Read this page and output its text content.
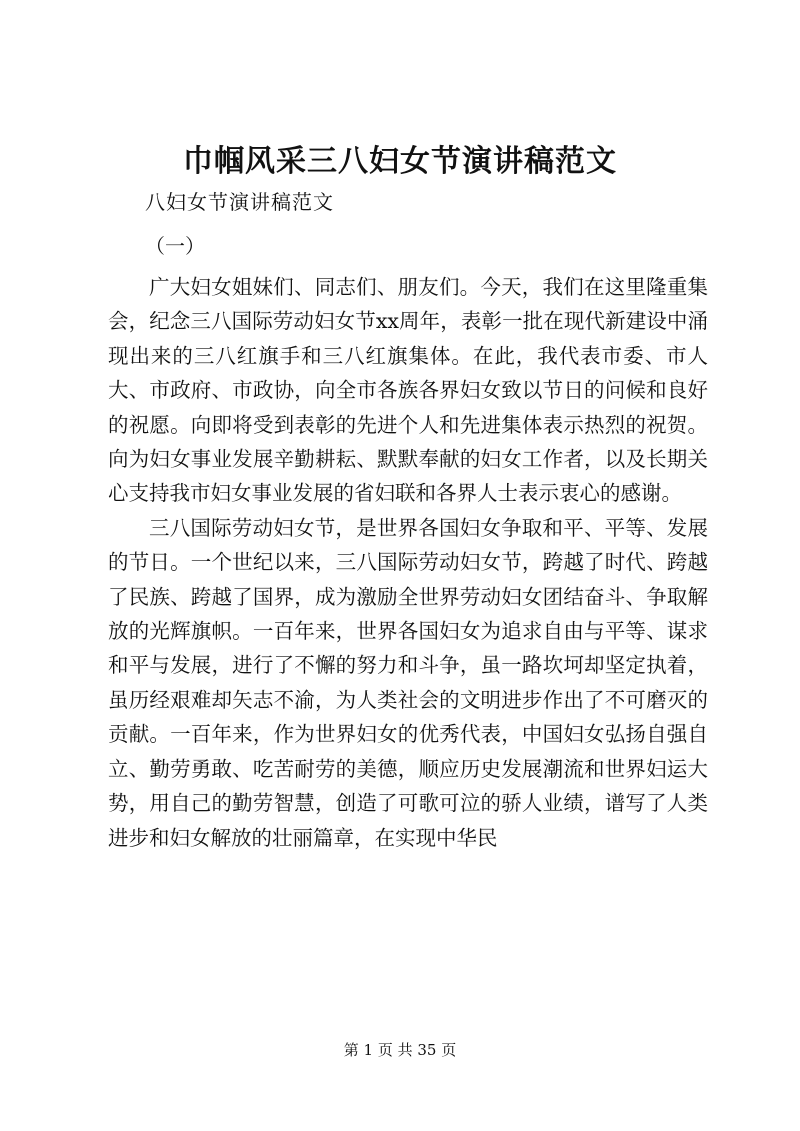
巾帼风采三八妇女节演讲稿范文
八妇女节演讲稿范文
（一）

广大妇女姐妹们、同志们、朋友们。今天，我们在这里隆重集会，纪念三八国际劳动妇女节xx周年，表彰一批在现代新建设中涌现出来的三八红旗手和三八红旗集体。在此，我代表市委、市人大、市政府、市政协，向全市各族各界妇女致以节日的问候和良好的祝愿。向即将受到表彰的先进个人和先进集体表示热烈的祝贺。向为妇女事业发展辛勤耕耘、默默奉献的妇女工作者，以及长期关心支持我市妇女事业发展的省妇联和各界人士表示衷心的感谢。

三八国际劳动妇女节，是世界各国妇女争取和平、平等、发展的节日。一个世纪以来，三八国际劳动妇女节，跨越了时代、跨越了民族、跨越了国界，成为激励全世界劳动妇女团结奋斗、争取解放的光辉旗帜。一百年来，世界各国妇女为追求自由与平等、谋求和平与发展，进行了不懈的努力和斗争，虽一路坎坷却坚定执着，虽历经艰难却矢志不渝，为人类社会的文明进步作出了不可磨灭的贡献。一百年来，作为世界妇女的优秀代表，中国妇女弘扬自强自立、勤劳勇敢、吃苦耐劳的美德，顺应历史发展潮流和世界妇运大势，用自己的勤劳智慧，创造了可歌可泣的骄人业绩，谱写了人类进步和妇女解放的壮丽篇章，在实现中华民

第 1 页 共 35 页
